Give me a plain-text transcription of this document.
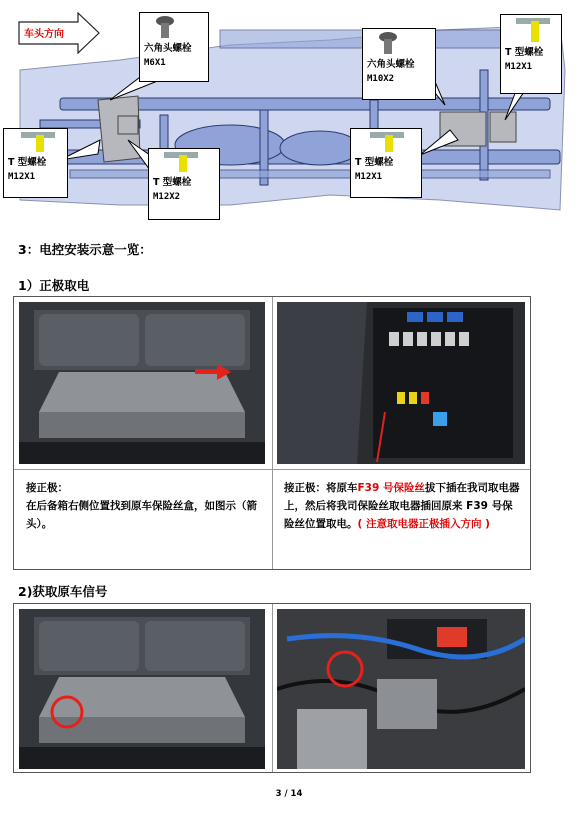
车头方向
六角头螺栓
M6X1
T 型螺栓
M12X1	T 型螺栓
M12X2
六角头螺栓
M10X2
T 型螺栓
M12X1
T 型螺栓
M12X1
3：电控安装示意一览：
1）正极取电
接正极：
在后备箱右侧位置找到原车保险丝盒，如图示（箭头）。
接正极：将原车F39 号保险丝拔下插在我司取电器上，然后将我司保险丝取电器插回原来 F39 号保险丝位置取电。( 注意取电器正极插入方向 )
2)获取原车信号
3 / 14
